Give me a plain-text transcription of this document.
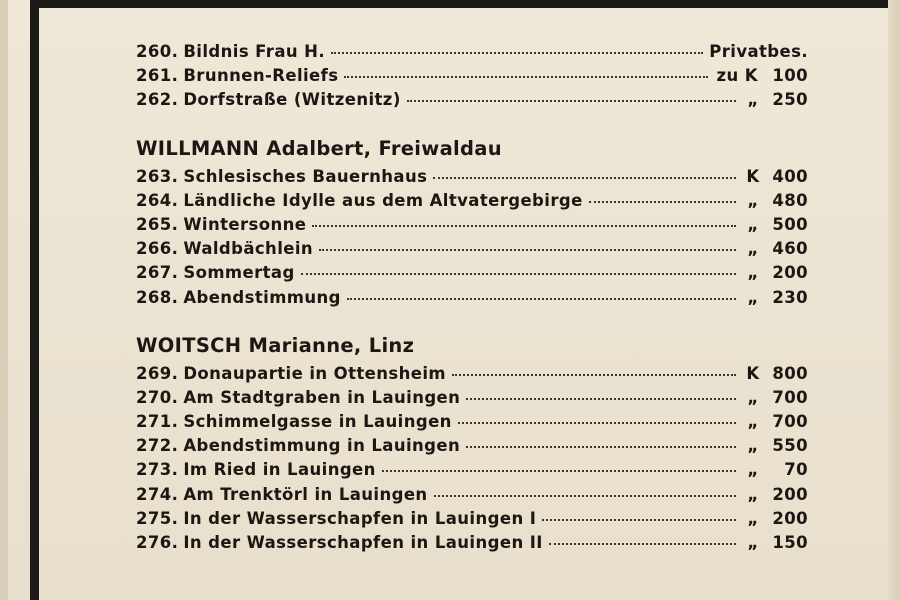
260. Bildnis Frau H.	Privatbes.
261. Brunnen-Reliefs	zu K 100
262. Dorfstraße (Witzenitz)	„ 250
WILLMANN Adalbert, Freiwaldau
263. Schlesisches Bauernhaus	K 400
264. Ländliche Idylle aus dem Altvatergebirge	„ 480
265. Wintersonne	„ 500
266. Waldbächlein	„ 460
267. Sommertag	„ 200
268. Abendstimmung	„ 230
WOITSCH Marianne, Linz
269. Donaupartie in Ottensheim	K 800
270. Am Stadtgraben in Lauingen	„ 700
271. Schimmelgasse in Lauingen	„ 700
272. Abendstimmung in Lauingen	„ 550
273. Im Ried in Lauingen	„	70
274. Am Trenktörl in Lauingen	„ 200
275. In der Wasserschapfen in Lauingen I	„ 200
276. In der Wasserschapfen in Lauingen II	„ 150
